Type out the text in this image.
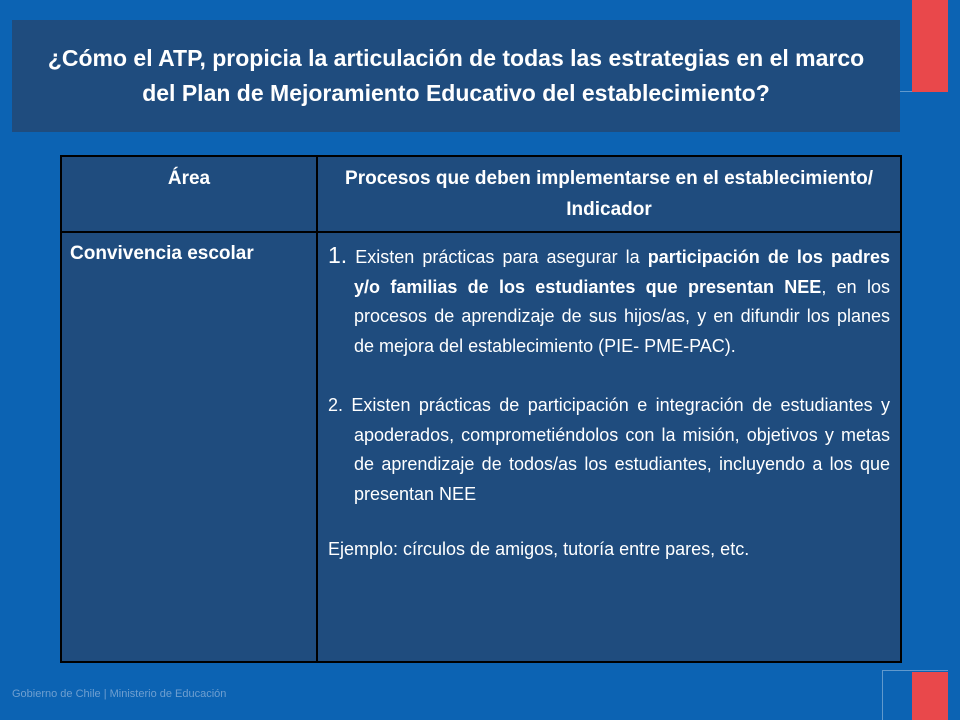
¿Cómo el ATP, propicia la articulación de todas las estrategias en el marco del Plan de Mejoramiento Educativo del establecimiento?
Área	Procesos que deben implementarse en el establecimiento/ Indicador
Convivencia escolar	1. Existen prácticas para asegurar la participación de los padres y/o familias de los estudiantes que presentan NEE, en los procesos de aprendizaje de sus hijos/as, y en difundir los planes de mejora del establecimiento (PIE- PME-PAC).

2. Existen prácticas de participación e integración de estudiantes y apoderados, comprometiéndolos con la misión, objetivos y metas de aprendizaje de todos/as los estudiantes, incluyendo a los que presentan NEE

Ejemplo: círculos de amigos, tutoría entre pares, etc.

Gobierno de Chile | Ministerio de Educación
